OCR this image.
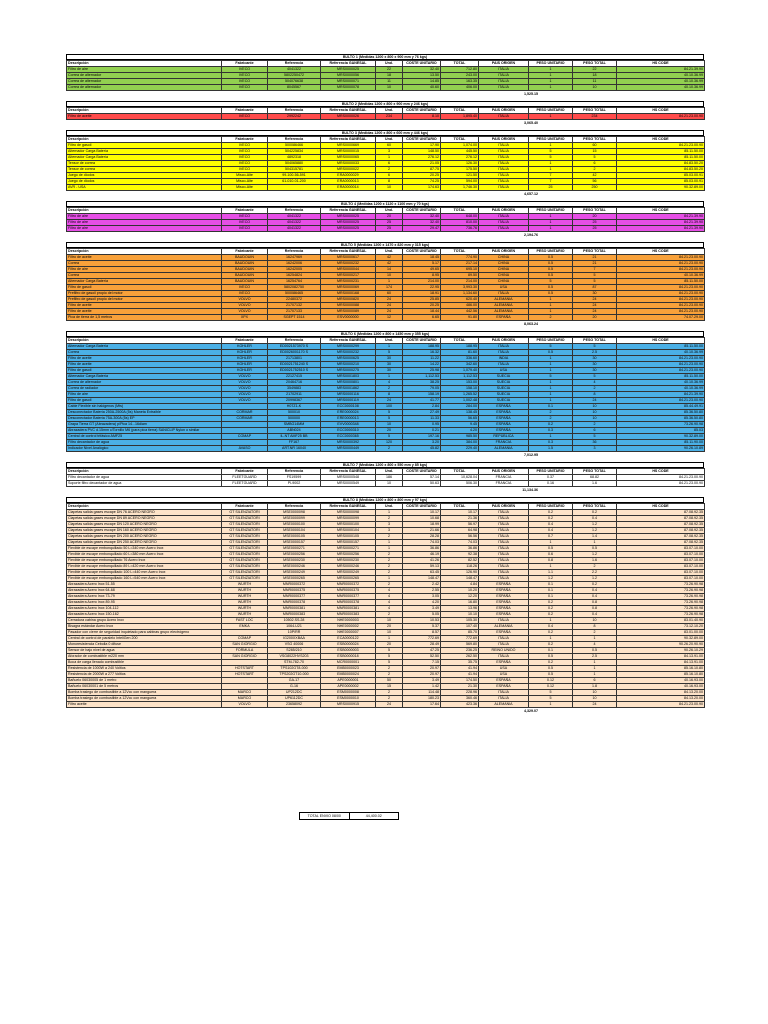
BULTO 1 (Medidas 1200 x 800 x 900 mm y 76 kgs)
Descripción	Fabricante	Referencia	Referencia GANESAL	Und.	COSTE UNITARIO	TOTAL	PAIS ORIGEN	PESO UNITARIO	PESO TOTAL	HS CODE
Filtro de aire	IVECO	4041322	MRS0000025	22	32.40	712.80	ITALIA	1	22	84.21.39.90
Correa de alternador	IVECO	5802250472	MRS0000056	18	13.50	243.00	ITALIA	1	18	40.10.36.99
Correa de alternador	IVECO	504076638	MRS0000071	11	14.85	163.35	ITALIA	1	11	40.10.36.99
Correa de alternador	IVECO	8045567	MRS0000078	10	40.60	406.00	ITALIA	1	10	40.10.36.99
1,525.15
BULTO 2 (Medidas 1200 x 800 x 900 mm y 246 kgs)
Descripción	Fabricante	Referencia	Referencia GANESAL	Und.	COSTE UNITARIO	TOTAL	PAIS ORIGEN	PESO UNITARIO	PESO TOTAL	HS CODE
Filtro de aceite	IVECO	2992242	MRS0000026	234	8.10	1,895.40	ITALIA	1	234	84.21.23.00.90
3,065.40
BULTO 3 (Medidas 1200 x 800 x 600 mm y 446 kgs)
Descripción	Fabricante	Referencia	Referencia GANESAL	Und.	COSTE UNITARIO	TOTAL	PAIS ORIGEN	PESO UNITARIO	PESO TOTAL	HS CODE
Filtro de gasoil	IVECO	500086466	MRS0000669	60	17.90	1,074.00	ITALIA	1	60	84.21.23.00.90
Alternador Carga Batería	IVECO	504225834	MRS0000015	3	148.50	445.50	ITALIA	5	15	85.11.50.00
Alternador Carga Batería	IVECO	4892318	MRS0000065	1	276.12	276.12	ITALIA	5	5	85.11.50.00
Tensor de correa	IVECO	504065880	MRS0000033	6	21.05	126.30	ITALIA	1	6	84.83.50.20
Tensor de correa	IVECO	504315781	MRS0000022	2	87.75	175.50	ITALIA	1	2	84.83.50.20
Juego de diodos	Misco-Alte	99-100-56-591	ERA0000029	6	20.25	121.50	ITALIA	7	42	85.03.00.91
Juego de diodos	Misco-Alte	61-010-01-200	ERA0000013	8	74.25	594.00	ITALIA	7	56	85.03.00.91
AVR - USA	Misco-Alte		ERA0000014	10	174.63	1,746.30	ITALIA	25	250	90.32.89.00
4,657.12
BULTO 4 (Medidas 1200 x 1120 x 1100 mm y 70 kgs)
Descripción	Fabricante	Referencia	Referencia GANESAL	Und.	COSTE UNITARIO	TOTAL	PAIS ORIGEN	PESO UNITARIO	PESO TOTAL	HS CODE
Filtro de aire	IVECO	4041322	MRS0000025	20	32.40	648.00	ITALIA	1	20	84.21.39.90
Filtro de aire	IVECO	4041322	MRS0000025	25	32.40	810.00	ITALIA	1	25	84.21.39.90
Filtro de aire	IVECO	4041322	MRS0000025	25	29.47	736.76	ITALIA	1	25	84.21.39.90
2,194.76
BULTO 5 (Medidas 1200 x 1470 x 820 mm y 315 kgs)
Descripción	Fabricante	Referencia	Referencia GANESAL	Und.	COSTE UNITARIO	TOTAL	PAIS ORIGEN	PESO UNITARIO	PESO TOTAL	HS CODE
Filtro de aceite	BAUDOUIN	16247969	MRS0000617	42	18.45	774.90	CHINA	0.5	21	84.21.23.00.90
Correa	BAUDOUIN	16242006	MRS0000232	42	5.17	217.14	CHINA	0.5	21	84.21.23.00.90
Filtro de aire	BAUDOUIN	16242005	MRS0000044	14	49.65	695.10	CHINA	0.5	7	84.21.23.00.90
Correa	BAUDOUIN	16254824	MRS0000217	10	8.95	89.50	CHINA	0.5	5	40.10.36.99
Alternador Carga Batería	BAUDOUIN	16254764	MRS0000231	1	214.00	214.00	CHINA	5	5	85.11.50.00
Filtro de gasoil	IVECO	5802082750	MRS0000069	174	22.95	3,993.30	USA	0.5	87	84.21.23.00.90
Prefiltro de gasoil propio del motor	IVECO	500086465	MRS0000168	60	18.91	1,134.60	ITALIA	0.5	30	84.21.23.00.90
Prefiltro de gasoil propio del motor	VOLVO	22480372	MRS0000820	24	25.85	620.40	ALEMANIA	1	24	84.21.23.00.90
Filtro de aceite	VOLVO	21707132	MRS0000088	24	20.25	486.00	ALEMANIA	1	24	84.21.23.00.90
Filtro de aceite	VOLVO	21707133	MRS0000089	24	18.44	442.56	ALEMANIA	1	24	84.21.23.00.90
Pica de tierra de 1,5 metros	XPX	SGEPT 1514	ESV0000000	12	6.65	91.80	ESPAÑA	2	20	74.07.29.00
8,063.24
BULTO 6 (Medidas 1200 x 800 x 1450 mm y 355 kgs)
Descripción	Fabricante	Referencia	Referencia GANESAL	Und.	COSTE UNITARIO	TOTAL	PAIS ORIGEN	PESO UNITARIO	PESO TOTAL	HS CODE
Alternador Carga Batería	KOHLER	ED0021573970 S	MRS0000299	1	188.95	188.95	ITALIA	5	5	85.11.50.00
Correa	KOHLER	ED0026001170 S	MRS0000232	5	16.32	81.60	ITALIA	0.5	2.5	40.10.36.99
Filtro de aceite	KOHLER	21713801	MRS0000625	30	11.22	336.60	INDIA	1	30	84.21.23.00.90
Filtro de aceite	KOHLER	ED0021751240 S	MRS0000210	30	14.22	342.60	ITALIA	1	30	84.21.23.00.90
Filtro de gasoil	KOHLER	ED0021752510 S	MRS0000275	30	25.98	1,079.40	USA	1	30	84.21.23.00.90
Alternador Carga Batería	VOLVO	22127415	MRS0001803	1	1,112.53	1,112.53	SUECIA	5	5	85.11.50.00
Correa de alternador	VOLVO	20464716	MRS0000801	4	38.25	153.00	SUECIA	1	4	40.10.36.99
Correa de radiador	VOLVO	3549883	MRS0001862	2	79.05	158.10	SUECIA	1	2	40.10.36.99
Filtro de aire	VOLVO	21702911	MRS0000116	8	158.19	1,265.52	SUECIA	1	8	84.21.39.90
Filtro de gasoil	VOLVO	20998367	MRS0000119	24	41.77	1,002.48	SUECIA	1	24	84.21.23.00.90
Cable Flexible sin halógenos (Mts)		H07Z1-K	ECC0000108	100	2.84	284.00	ESPAÑA	0.1	10	85.44.49.91
Desconectador Batería 250A-2500A (5s) Maneta Extraíble	CORMAR	500010	ERE0000024	5	27.49	138.45	ESPAÑA	2	10	85.36.50.80
Desconectador Batería 75A-300A (5s) EP	CORMAR	500000	ERE0000013	5	11.33	56.65	ESPAÑA	2	10	85.36.50.80
Grapa Tierra GT (Abrazadera) p/Pica 14...16diam		SMBG14MM	EVV0000348	10	0.95	9.45	ESPAÑA	0.2	2	73.26.90.98
Abrazadera PVC d.15mm c/Tornillo M6 (para pica tierra) SANICLIP Nylon o similar		ABN024	ECC0000310	20	0.21	4.20	ESPAÑA	0.3	6	85.03
Central de control trifásico AMF25	COMAP	IL-NT AMF25 BB	ECC0000365	5	197.16	985.50	REPÚBLICA	1	5	90.32.89.00
Filtro decantador de agua		FF167	MRS0000392	120	3.20	384.00	FRANCIA	0.3	36	85.11.90.00
Indicador Nivel Analógico	AVASO	ART.NR 16040	MRS0000449	2	45.82	229.40	ALEMANIA	1.5	3	90.26.10.89
7,012.95
BULTO 7 (Medidas 1200 x 800 x 550 mm y 85 kgs)
Descripción	Fabricante	Referencia	Referencia GANESAL	Und.	COSTE UNITARIO	TOTAL	PAIS ORIGEN	PESO UNITARIO	PESO TOTAL	HS CODE
Filtro decantador de agua	FLEETGUARD	FS19599	MRS0000548	186	57.14	10,628.04	FRANCIA	0.37	68.82	84.21.23.00.90
Soporte filtro decantador de agua	FLEETGUARD	PI-9002	MRS0000549	10	50.63	506.30	FRANCIA	0.16	1.6	84.21.23.00.90
11,134.36
BULTO 8 (Medidas 1200 x 800 x 800 mm y 97 kgs)
Descripción	Fabricante	Referencia	Referencia GANESAL	Und.	COSTE UNITARIO	TOTAL	PAIS ORIGEN	PESO UNITARIO	PESO TOTAL	HS CODE
Clapetas salida gases escape DN 76 ACERO NEGRO	GT SILENZIATORI	MSE0000098	MRS0000098	1	10.17	10.17	ITALIA	0.2	0.2	87.08.92.35
Clapetas salida gases escape DN 89 ACERO NEGRO	GT SILENZIATORI	MSE0000099	MRS0000099	2	10.68	21.36	ITALIA	0.2	0.4	87.08.92.35
Clapetas salida gases escape DN 120 ACERO NEGRO	GT SILENZIATORI	MSE0000100	MRS0000100	3	18.99	56.97	ITALIA	0.4	1.2	87.08.92.35
Clapetas salida gases escape DN 160 ACERO NEGRO	GT SILENZIATORI	MSE0000104	MRS0000104	3	21.66	64.98	ITALIA	0.4	1.2	87.08.92.35
Clapetas salida gases escape DN 200 ACERO NEGRO	GT SILENZIATORI	MSE0000105	MRS0000105	2	28.28	56.56	ITALIA	0.7	1.4	87.08.92.35
Clapetas salida gases escape DN 250 ACERO NEGRO	GT SILENZIATORI	MSE0000157	MRS0000157	1	74.03	74.03	ITALIA	1	1	87.08.92.35
Flexible de escape embonquillado 50 L=340 mm Acero Inox	GT SILENZIATORI	MSE0000271	MRS0000271	1	36.86	36.86	ITALIA	0.5	0.5	83.07.10.00
Flexible de escape embonquillado 60 L=380 mm Acero Inox	GT SILENZIATORI	MSE0000256	MRS0000256	2	46.19	92.38	ITALIA	0.6	1.2	83.07.10.00
Flexible de escape embonquillado 76 Acero Inox	GT SILENZIATORI	MSE0000230	MRS0000230	2	41.26	82.52	ITALIA	0.8	1.6	83.07.10.00
Flexible de escape embonquillado 89 L=420 mm Acero Inox	GT SILENZIATORI	MSE0000246	MRS0000246	2	59.13	118.26	ITALIA	1	2	83.07.10.00
Flexible de escape embonquillado 100 L=440 mm Acero Inox	GT SILENZIATORI	MSE0000249	MRS0000249	2	63.45	126.90	ITALIA	1.1	2.2	83.07.10.00
Flexible de escape embonquillado 160 L=540 mm Acero Inox	GT SILENZIATORI	MSE0000265	MRS0000265	1	148.47	148.47	ITALIA	1.2	1.2	83.07.10.00
Abrazadera Acero Inox 51-55	WURTH	MNR0000372	MNR0000372	2	2.42	4.84	ESPAÑA	0.1	0.2	73.26.90.98
Abrazadera Acero Inox 64-68	WURTH	MNR0000375	MNR0000375	4	2.55	10.20	ESPAÑA	0.1	0.4	73.26.90.98
Abrazadera Acero Inox 73-79	WURTH	MNR0000377	MNR0000377	4	3.05	12.20	ESPAÑA	0.1	0.4	73.26.90.98
Abrazadera Acero Inox 89-95	WURTH	MNR0000378	MNR0000378	4	4.20	16.80	ESPAÑA	0.2	0.8	73.26.90.98
Abrazadera Acero Inox 104-112	WURTH	MNR0000381	MNR0000381	4	3.49	13.96	ESPAÑA	0.2	0.8	73.26.90.98
Abrazadera Acero Inox 150-162	WURTH	MNR0000383	MNR0000383	2	5.05	10.10	ESPAÑA	0.2	0.4	73.26.90.98
Cerradura cabina grupo Acero Inox	FAST LOC	10502.SS.28	NHE0000003	10	10.53	105.30	ITALIA	1	10	83.01.40.90
Bisagra estándar Acero Inox	EMKA	1064-U21	NHE0000002	20	5.37	107.40	ALEMANIA	0.4	8	73.12.10.20
Pasador con cierre de seguridad inquietado para cabinas grupo electrógeno		10P/RR	NHE0000007	10	8.57	85.70	ESPAÑA	0.2	2	83.01.00.00
Central de control de paralelo InteliGen 200	COMAP	IG200XXBAA	ECA0000122	1	772.69	772.69	ITALIA	1	1	90.32.89.00
Monoresistencia Cebolla 0 difuse	SAN GIORGIO	VSG 40006	ESB0000024	20	28.49	569.80	ITALIA	0.2	4	90.26.20.90.90
Sensor de bajo nivel de agua	FORMULA	S285/210	ESB0000003	5	47.25	236.25	REINO UNIDO	0.1	0.5	90.26.10.29
Aforador de combustible m220 mm	SAN GIORGIO	VSG8022HVS203	ESB0000018	5	52.50	262.50	ITALIA	0.5	2.5	84.13.91.00
Boca de carga llenado combustible		STM-782-70	MCR0000001	5	7.15	35.75	ESPAÑA	0.2	1	84.13.91.00
Resistencia de 1000W a 240 Voltios	HOTSTART	TPS102GT8-000	EMB0000023	2	20.97	41.94	USA	0.5	1	85.16.10.80
Resistencia de 2000W a 277 Voltios	HOTSTART	TPS202GT10-000	EMB0000024	2	20.97	41.94	USA	0.5	1	85.16.10.80
Bañuelo 06030005 de 1 metro		GA-17	APE0000001	50	3.49	174.50	ESPAÑA	0.12	6	40.16.93.00
Bañuelo 06030001 de 5 metros		G-16	APE0000002	15	1.42	21.30	ESPAÑA	0.12	1.8	40.16.93.00
Bomba trasiego de combustible a 12Vcc con manguera	MARCO	UP212DC	ESM0000008	2	114.48	228.96	ITALIA	5	10	84.13.20.00
Bomba trasiego de combustible a 12Vcc con manguera	MARCO	UP6112DC	ESM0000010	2	180.23	360.46	ITALIA	5	10	84.13.20.00
Filtro aceite	VOLVO	23658092	MRS0000915	24	17.64	423.36	ALEMANIA	1	24	84.21.23.00.90
4,329.07
TOTAL ENVIO 08/00	44,400.02
